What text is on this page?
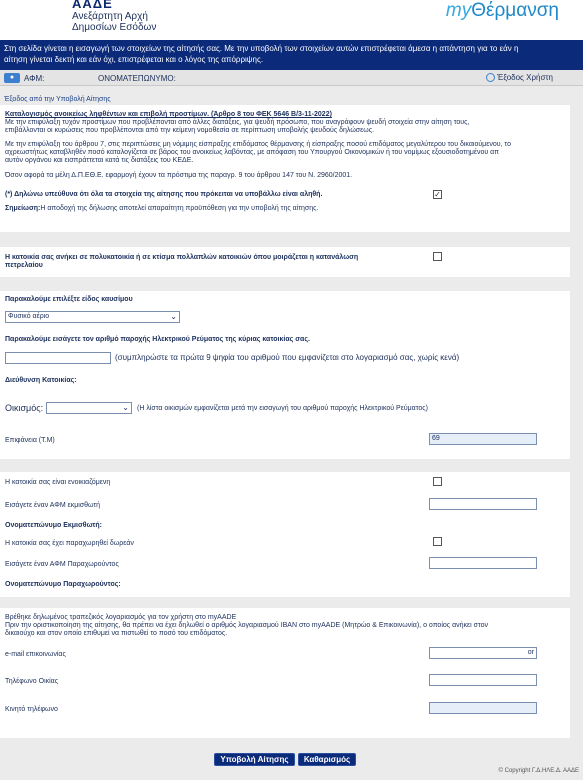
ΑΑΔΕ
Ανεξάρτητη Αρχή
Δημοσίων Εσόδων
myΘέρμανση
Στη σελίδα γίνεται η εισαγωγή των στοιχείων της αίτησής σας. Με την υποβολή των στοιχείων αυτών επιστρέφεται άμεσα η απάντηση για το εάν η
αίτηση γίνεται δεκτή και εάν όχι, επιστρέφεται και ο λόγος της απόρριψης.
●	ΑΦΜ:	ΟΝΟΜΑΤΕΠΩΝΥΜΟ:	Έξοδος Χρήστη
Έξοδος από την Υποβολή Αίτησης
Καταλογισμός ανοικείως ληφθέντων και επιβολή προστίμων. (Άρθρο 8 του ΦΕΚ 5646 Β/3-11-2022)
Με την επιφύλαξη τυχόν προστίμων που προβλέπονται από άλλες διατάξεις, για ψευδή πρόσωπο, που αναγράφουν ψευδή στοιχεία στην αίτηση τους,
επιβάλλονται οι κυρώσεις που προβλέπονται από την κείμενη νομοθεσία σε περίπτωση υποβολής ψευδούς δηλώσεως.
Με την επιφύλαξη του άρθρου 7, στις περιπτώσεις μη νόμιμης είσπραξης επιδόματος θέρμανσης ή είσπραξης ποσού επιδόματος μεγαλύτερου του δικαιούμενου, το
αχρεωστήτως καταβληθέν ποσό καταλογίζεται σε βάρος του ανοικείως λαβόντας, με απόφαση του Υπουργού Οικονομικών ή του νομίμως εξουσιοδοτημένου απ
αυτόν οργάνου και εισπράττεται κατά τις διατάξεις του ΚΕΔΕ.
Όσον αφορά τα μέλη Δ.Π.ΕΘ.Ε. εφαρμογή έχουν τα πρόστιμα της παραγρ. 9 του άρθρου 147 του Ν. 2960/2001.
(*) Δηλώνω υπεύθυνα ότι όλα τα στοιχεία της αίτησης που πρόκειται να υποβάλλω είναι αληθή.	✓
Σημείωση:Η αποδοχή της δήλωσης αποτελεί απαραίτητη προϋπόθεση για την υποβολή της αίτησης.
Η κατοικία σας ανήκει σε πολυκατοικία ή σε κτίσμα πολλαπλών κατοικιών όπου μοιράζεται η κατανάλωση
πετρελαίου
Παρακαλούμε επιλέξτε είδος καυσίμου
Φυσικό αέριο	⌄
Παρακαλούμε εισάγετε τον αριθμό παροχής Ηλεκτρικού Ρεύματος της κύριας κατοικίας σας.
(συμπληρώστε τα πρώτα 9 ψηφία του αριθμού που εμφανίζεται στο λογαριασμό σας, χωρίς κενά)
Διεύθυνση Κατοικίας:
Οικισμός:	⌄ (Η λίστα οικισμών εμφανίζεται μετά την εισαγωγή του αριθμού παροχής Ηλεκτρικού Ρεύματος)
Επιφάνεια (Τ.Μ)	69
Η κατοικία σας είναι ενοικιαζόμενη
Εισάγετε έναν ΑΦΜ εκμισθωτή
Ονοματεπώνυμο Εκμισθωτή:
Η κατοικία σας έχει παραχωρηθεί δωρεάν
Εισάγετε έναν ΑΦΜ Παραχωρούντος
Ονοματεπώνυμο Παραχωρούντος:
Βρέθηκε δηλωμένος τραπεζικός λογαριασμός για τον χρήστη στο myAADE
Πριν την οριστικοποίηση της αίτησης, θα πρέπει να έχει δηλωθεί ο αριθμός λογαριασμού IBAN στο myAADE (Μητρώο & Επικοινωνία), ο οποίος ανήκει στον
δικαιούχο και στον οποίο επιθυμεί να πιστωθεί το ποσό του επιδόματος.
e-mail επικοινωνίας	or
Τηλέφωνο Οικίας
Κινητό τηλέφωνο
Υποβολή Αίτησης	Καθαρισμός
© Copyright Γ.Δ.ΗΛΕ.Δ. ΑΑΔΕ
